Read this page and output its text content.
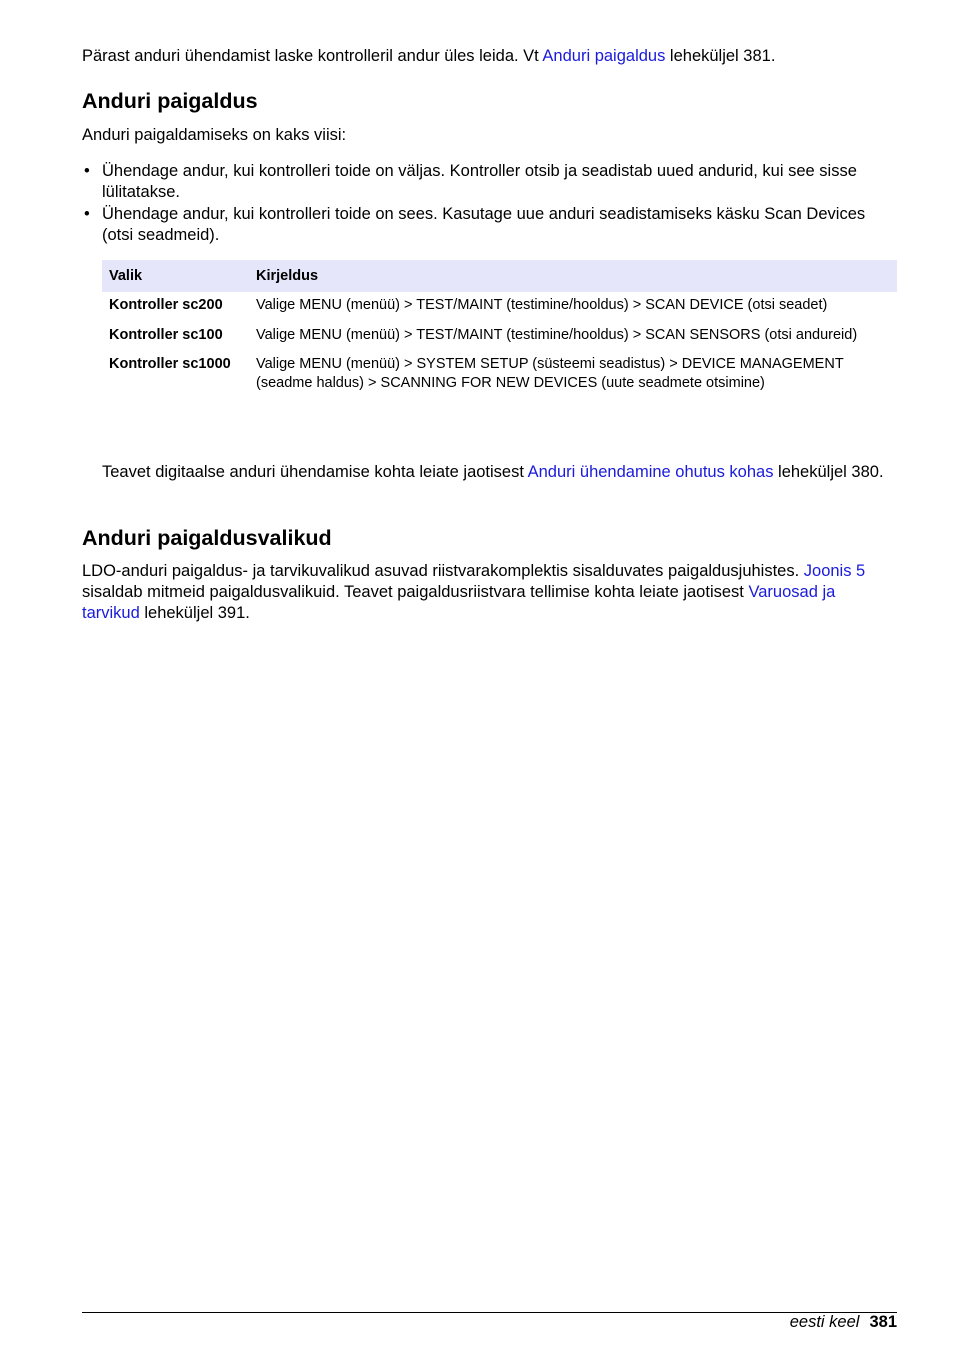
Pärast anduri ühendamist laske kontrolleril andur üles leida. Vt Anduri paigaldus leheküljel 381.

Anduri paigaldus

Anduri paigaldamiseks on kaks viisi:

• Ühendage andur, kui kontrolleri toide on väljas. Kontroller otsib ja seadistab uued andurid, kui see sisse lülitatakse.
• Ühendage andur, kui kontrolleri toide on sees. Kasutage uue anduri seadistamiseks käsku Scan Devices (otsi seadmeid).
Valik	Kirjeldus
Kontroller sc200	Valige MENU (menüü) > TEST/MAINT (testimine/hooldus) > SCAN DEVICE (otsi seadet)
Kontroller sc100	Valige MENU (menüü) > TEST/MAINT (testimine/hooldus) > SCAN SENSORS (otsi andureid)
Kontroller sc1000	Valige MENU (menüü) > SYSTEM SETUP (süsteemi seadistus) > DEVICE MANAGEMENT (seadme haldus) > SCANNING FOR NEW DEVICES (uute seadmete otsimine)

Teavet digitaalse anduri ühendamise kohta leiate jaotisest Anduri ühendamine ohutus kohas leheküljel 380.

Anduri paigaldusvalikud

LDO-anduri paigaldus- ja tarvikuvalikud asuvad riistvarakomplektis sisalduvates paigaldusjuhistes. Joonis 5 sisaldab mitmeid paigaldusvalikuid. Teavet paigaldusriistvara tellimise kohta leiate jaotisest Varuosad ja tarvikud leheküljel 391.

eesti keel 381
